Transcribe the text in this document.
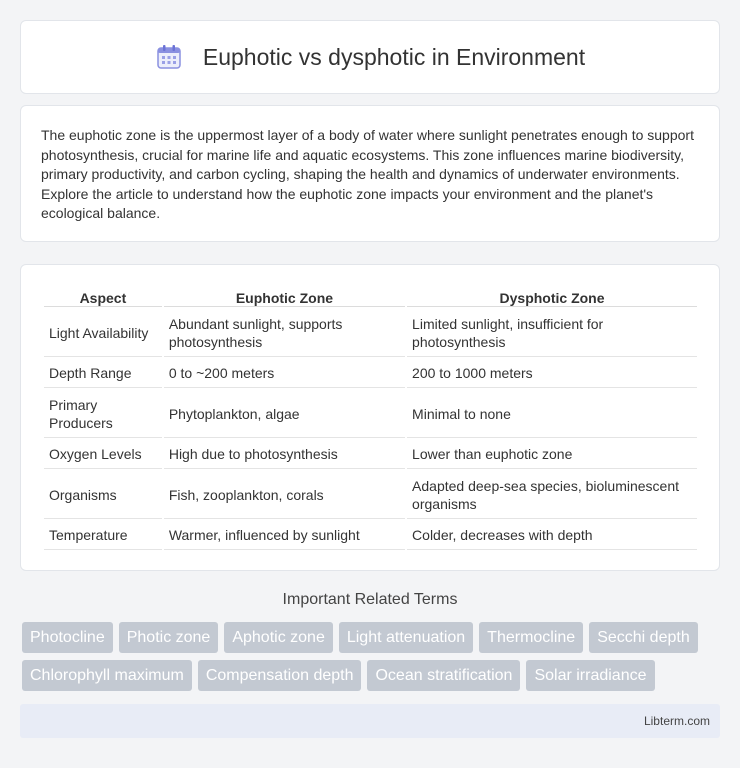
Euphotic vs dysphotic in Environment

The euphotic zone is the uppermost layer of a body of water where sunlight penetrates enough to support photosynthesis, crucial for marine life and aquatic ecosystems. This zone influences marine biodiversity, primary productivity, and carbon cycling, shaping the health and dynamics of underwater environments. Explore the article to understand how the euphotic zone impacts your environment and the planet's ecological balance.

Aspect	Euphotic Zone	Dysphotic Zone
Light Availability	Abundant sunlight, supports photosynthesis	Limited sunlight, insufficient for photosynthesis
Depth Range	0 to ~200 meters	200 to 1000 meters
Primary Producers	Phytoplankton, algae	Minimal to none
Oxygen Levels	High due to photosynthesis	Lower than euphotic zone
Organisms	Fish, zooplankton, corals	Adapted deep-sea species, bioluminescent organisms
Temperature	Warmer, influenced by sunlight	Colder, decreases with depth
Important Related Terms
Photocline	Photic zone	Aphotic zone	Light attenuation	Thermocline	Secchi depth
Chlorophyll maximum	Compensation depth	Ocean stratification	Solar irradiance
Libterm.com
